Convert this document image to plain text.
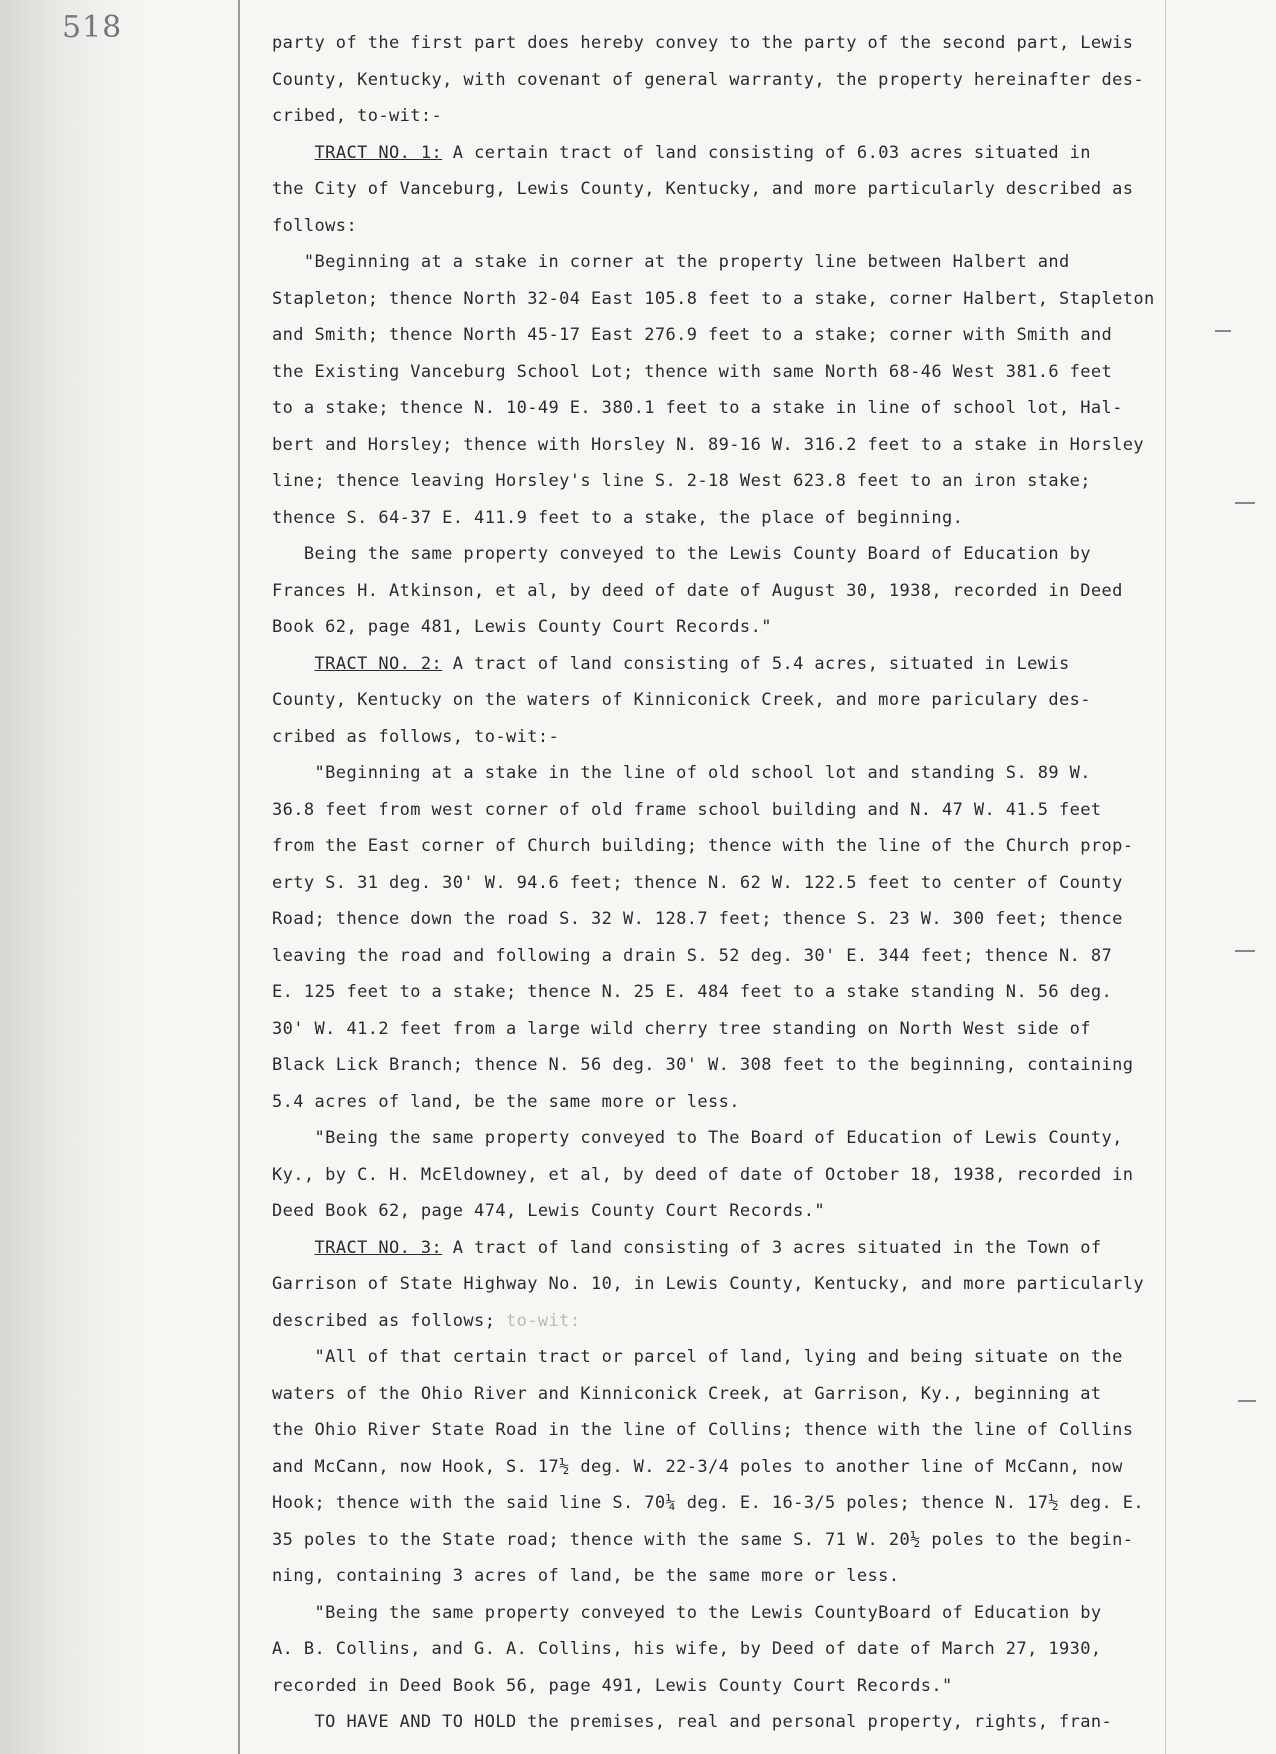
518	party of the first part does hereby convey to the party of the second part, Lewis
County, Kentucky, with covenant of general warranty, the property hereinafter des-
cribed, to-wit:-
TRACT NO. 1: A certain tract of land consisting of 6.03 acres situated in
the City of Vanceburg, Lewis County, Kentucky, and more particularly described as
follows:
"Beginning at a stake in corner at the property line between Halbert and
Stapleton; thence North 32-04 East 105.8 feet to a stake, corner Halbert, Stapleton
and Smith; thence North 45-17 East 276.9 feet to a stake; corner with Smith and
the Existing Vanceburg School Lot; thence with same North 68-46 West 381.6 feet
to a stake; thence N. 10-49 E. 380.1 feet to a stake in line of school lot, Hal-
bert and Horsley; thence with Horsley N. 89-16 W. 316.2 feet to a stake in Horsley
line; thence leaving Horsley's line S. 2-18 West 623.8 feet to an iron stake;
thence S. 64-37 E. 411.9 feet to a stake, the place of beginning.
Being the same property conveyed to the Lewis County Board of Education by
Frances H. Atkinson, et al, by deed of date of August 30, 1938, recorded in Deed
Book 62, page 481, Lewis County Court Records."
TRACT NO. 2: A tract of land consisting of 5.4 acres, situated in Lewis
County, Kentucky on the waters of Kinniconick Creek, and more pariculary des-
cribed as follows, to-wit:-
"Beginning at a stake in the line of old school lot and standing S. 89 W.
36.8 feet from west corner of old frame school building and N. 47 W. 41.5 feet
from the East corner of Church building; thence with the line of the Church prop-
erty S. 31 deg. 30' W. 94.6 feet; thence N. 62 W. 122.5 feet to center of County
Road; thence down the road S. 32 W. 128.7 feet; thence S. 23 W. 300 feet; thence
leaving the road and following a drain S. 52 deg. 30' E. 344 feet; thence N. 87
E. 125 feet to a stake; thence N. 25 E. 484 feet to a stake standing N. 56 deg.
30' W. 41.2 feet from a large wild cherry tree standing on North West side of
Black Lick Branch; thence N. 56 deg. 30' W. 308 feet to the beginning, containing
5.4 acres of land, be the same more or less.
"Being the same property conveyed to The Board of Education of Lewis County,
Ky., by C. H. McEldowney, et al, by deed of date of October 18, 1938, recorded in
Deed Book 62, page 474, Lewis County Court Records."
TRACT NO. 3: A tract of land consisting of 3 acres situated in the Town of
Garrison of State Highway No. 10, in Lewis County, Kentucky, and more particularly
described as follows; to-wit:
"All of that certain tract or parcel of land, lying and being situate on the
waters of the Ohio River and Kinniconick Creek, at Garrison, Ky., beginning at
the Ohio River State Road in the line of Collins; thence with the line of Collins
and McCann, now Hook, S. 17½ deg. W. 22-3/4 poles to another line of McCann, now
Hook; thence with the said line S. 70¼ deg. E. 16-3/5 poles; thence N. 17½ deg. E.
35 poles to the State road; thence with the same S. 71 W. 20½ poles to the begin-
ning, containing 3 acres of land, be the same more or less.
"Being the same property conveyed to the Lewis CountyBoard of Education by
A. B. Collins, and G. A. Collins, his wife, by Deed of date of March 27, 1930,
recorded in Deed Book 56, page 491, Lewis County Court Records."
TO HAVE AND TO HOLD the premises, real and personal property, rights, fran-
